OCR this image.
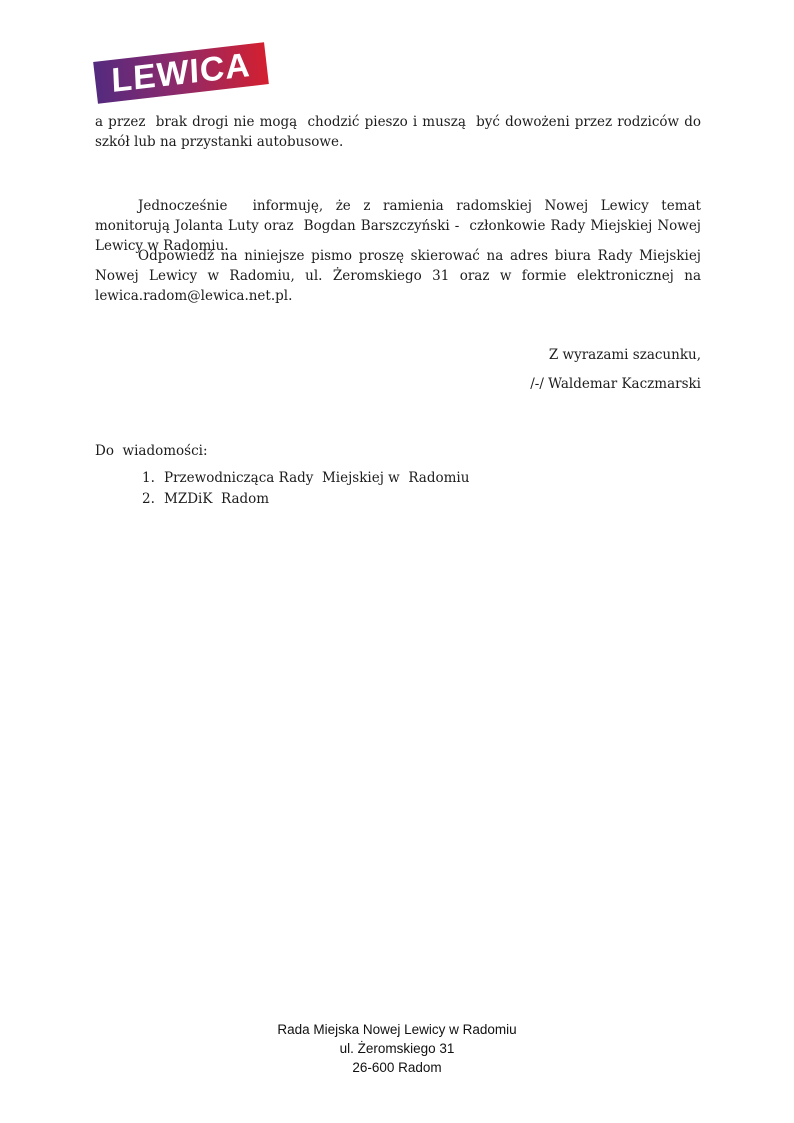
LEWICA

a przez  brak drogi nie mogą  chodzić pieszo i muszą  być dowożeni przez rodziców do szkół lub na przystanki autobusowe.

Jednocześnie  informuję, że z ramienia radomskiej Nowej Lewicy temat monitorują Jolanta Luty oraz  Bogdan Barszczyński -  członkowie Rady Miejskiej Nowej Lewicy w Radomiu.

Odpowiedź na niniejsze pismo proszę skierować na adres biura Rady Miejskiej Nowej Lewicy w Radomiu, ul. Żeromskiego 31 oraz w formie elektronicznej na lewica.radom@lewica.net.pl.

Z wyrazami szacunku,

/-/ Waldemar Kaczmarski

Do  wiadomości:

1. Przewodnicząca Rady  Miejskiej w  Radomiu
2. MZDiK  Radom
Rada Miejska Nowej Lewicy w Radomiu
ul. Żeromskiego 31
26-600 Radom
